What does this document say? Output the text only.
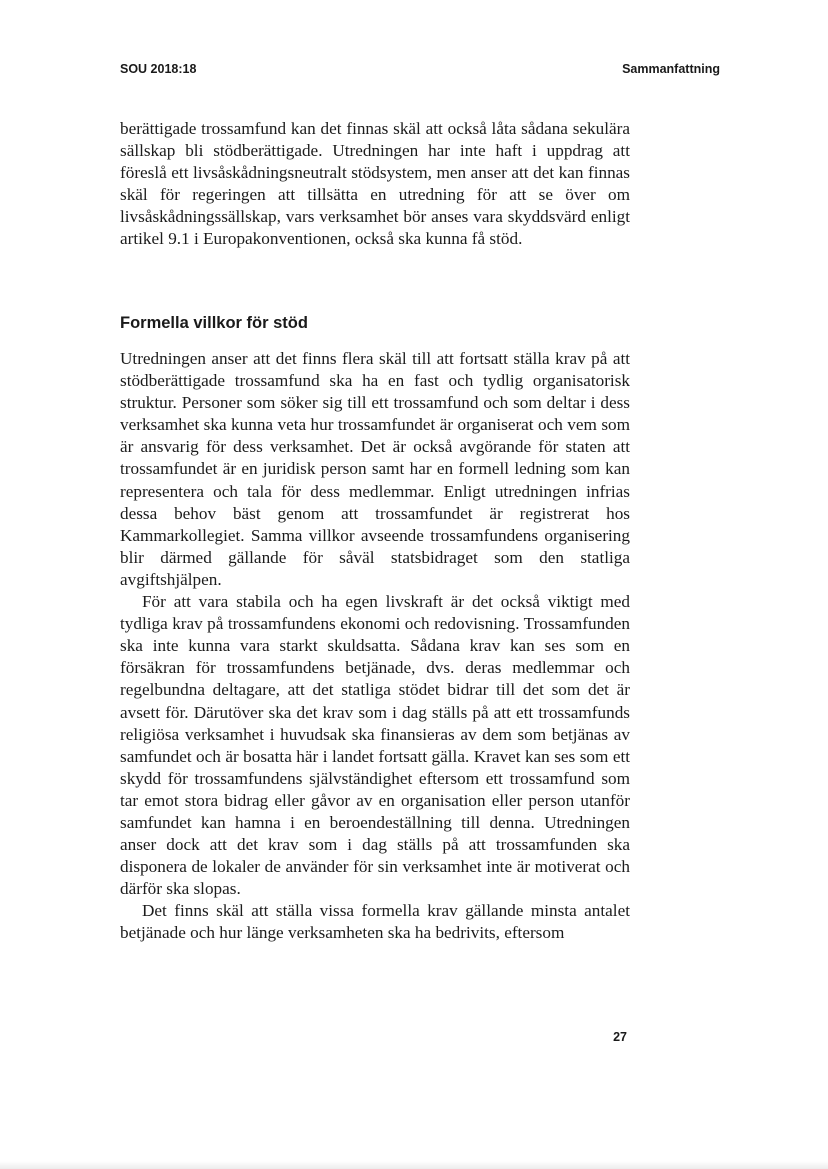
SOU 2018:18	Sammanfattning

berättigade trossamfund kan det finnas skäl att också låta sådana sekulära sällskap bli stödberättigade. Utredningen har inte haft i uppdrag att föreslå ett livsåskådningsneutralt stödsystem, men anser att det kan finnas skäl för regeringen att tillsätta en utredning för att se över om livsåskådningssällskap, vars verksamhet bör anses vara skyddsvärd enligt artikel 9.1 i Europakonventionen, också ska kunna få stöd.

Formella villkor för stöd

Utredningen anser att det finns flera skäl till att fortsatt ställa krav på att stödberättigade trossamfund ska ha en fast och tydlig organisatorisk struktur. Personer som söker sig till ett trossamfund och som deltar i dess verksamhet ska kunna veta hur trossamfundet är organiserat och vem som är ansvarig för dess verksamhet. Det är också avgörande för staten att trossamfundet är en juridisk person samt har en formell ledning som kan representera och tala för dess medlemmar. Enligt utredningen infrias dessa behov bäst genom att trossamfundet är registrerat hos Kammarkollegiet. Samma villkor avseende trossamfundens organisering blir därmed gällande för såväl statsbidraget som den statliga avgiftshjälpen.

För att vara stabila och ha egen livskraft är det också viktigt med tydliga krav på trossamfundens ekonomi och redovisning. Trossamfunden ska inte kunna vara starkt skuldsatta. Sådana krav kan ses som en försäkran för trossamfundens betjänade, dvs. deras medlemmar och regelbundna deltagare, att det statliga stödet bidrar till det som det är avsett för. Därutöver ska det krav som i dag ställs på att ett trossamfunds religiösa verksamhet i huvudsak ska finansieras av dem som betjänas av samfundet och är bosatta här i landet fortsatt gälla. Kravet kan ses som ett skydd för trossamfundens självständighet eftersom ett trossamfund som tar emot stora bidrag eller gåvor av en organisation eller person utanför samfundet kan hamna i en beroendeställning till denna. Utredningen anser dock att det krav som i dag ställs på att trossamfunden ska disponera de lokaler de använder för sin verksamhet inte är motiverat och därför ska slopas.

Det finns skäl att ställa vissa formella krav gällande minsta antalet betjänade och hur länge verksamheten ska ha bedrivits, eftersom

27
